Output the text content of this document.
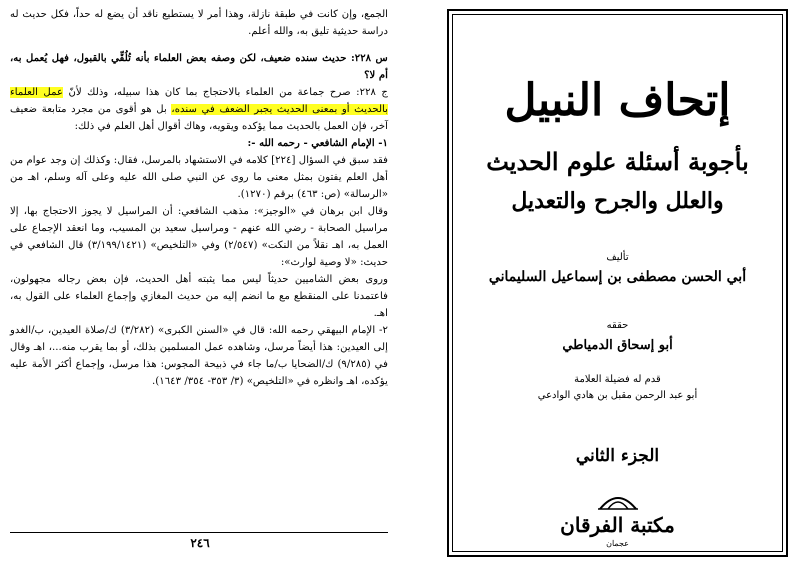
الجمع، وإن كانت في طبقة نازلة، وهذا أمر لا يستطيع ناقد أن يضع له حداً، فكل حديث له دراسة حديثية تليق به، والله أعلم.

س ٢٢٨: حديث سنده ضعيف، لكن وصفه بعض العلماء بأنه تُلُقِّي بالقبول، فهل يُعمل به، أم لا؟

ج ٢٢٨: صرح جماعة من العلماء بالاحتجاج بما كان هذا سبيله، وذلك لأنّ عمل العلماء بالحديث أو بمعنى الحديث يجبر الضعف في سنده، بل هو أقوى من مجرد متابعة ضعيف آخر، فإن العمل بالحديث مما يؤكده ويقويه، وهاك أقوال أهل العلم في ذلك:

١- الإمام الشافعي - رحمه الله -:

فقد سبق في السؤال [٢٢٤] كلامه في الاستشهاد بالمرسل، فقال: وكذلك إن وجد عوام من أهل العلم يفتون بمثل معنى ما روى عن النبي صلى الله عليه وعلى آله وسلم، اهـ من «الرسالة» (ص: ٤٦٣) برقم (١٢٧٠).

وقال ابن برهان في «الوجيز»: مذهب الشافعي: أن المراسيل لا يجوز الاحتجاج بها، إلا مراسيل الصحابة - رضي الله عنهم - ومراسيل سعيد بن المسيب، وما انعقد الإجماع على العمل به، اهـ نقلاً من النكت» (٢/٥٤٧) وفي «التلخيص» (٣/١٩٩/١٤٢١) قال الشافعي في حديث: «لا وصية لوارث»:

وروى بعض الشاميين حديثاً ليس مما يثبته أهل الحديث، فإن بعض رجاله مجهولون، فاعتمدنا على المنقطع مع ما انضم إليه من حديث المغازي وإجماع العلماء على القول به، اهـ.

٢- الإمام البيهقي رحمه الله: قال في «السنن الكبرى» (٣/٢٨٢) ك/صلاة العيدين، ب/الغدو إلى العيدين: هذا أيضاً مرسل، وشاهده عمل المسلمين بذلك، أو بما يقرب منه...، اهـ وقال في (٩/٢٨٥) ك/الضحايا ب/ما جاء في ذبيحة المجوس: هذا مرسل، وإجماع أكثر الأمة عليه يؤكده، اهـ وانظره في «التلخيص» (٣/ ٣٥٣- ٣٥٤/ ١٦٤٣).

٢٤٦
إتحاف النبيل
بأجوبة أسئلة علوم الحديث
والعلل والجرح والتعديل
تأليف
أبي الحسن مصطفى بن إسماعيل السليماني
حققه
أبو إسحاق الدمياطي
قدم له فضيلة العلامة
أبو عبد الرحمن مقبل بن هادي الوادعي
الجزء الثاني
مكتبة الفرقان
عجمان
